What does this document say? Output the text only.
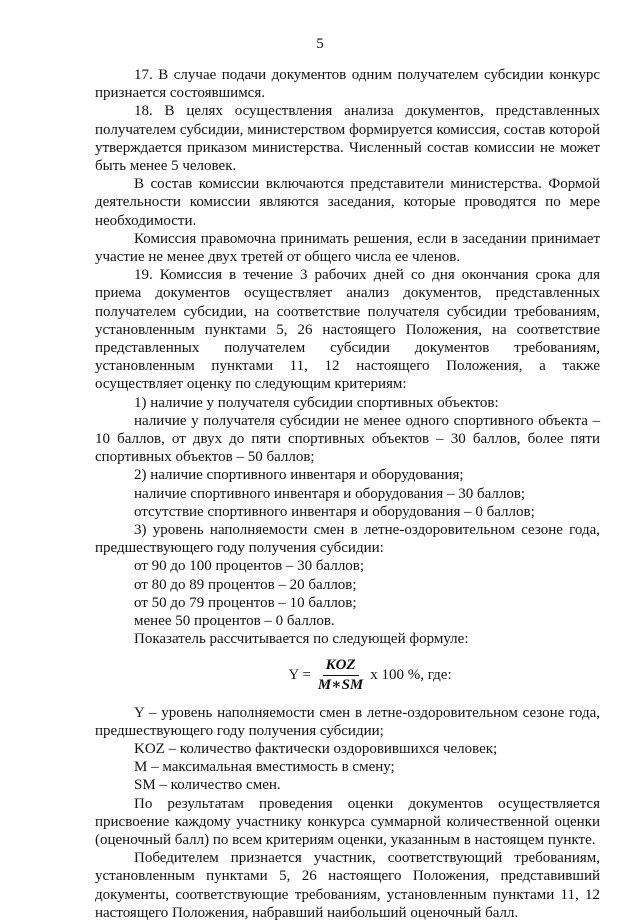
5

17. В случае подачи документов одним получателем субсидии конкурс признается состоявшимся.

18. В целях осуществления анализа документов, представленных получателем субсидии, министерством формируется комиссия, состав которой утверждается приказом министерства. Численный состав комиссии не может быть менее 5 человек.

В состав комиссии включаются представители министерства. Формой деятельности комиссии являются заседания, которые проводятся по мере необходимости.

Комиссия правомочна принимать решения, если в заседании принимает участие не менее двух третей от общего числа ее членов.

19. Комиссия в течение 3 рабочих дней со дня окончания срока для приема документов осуществляет анализ документов, представленных получателем субсидии, на соответствие получателя субсидии требованиям, установленным пунктами 5, 26 настоящего Положения, на соответствие представленных получателем субсидии документов требованиям, установленным пунктами 11, 12 настоящего Положения, а также осуществляет оценку по следующим критериям:

1) наличие у получателя субсидии спортивных объектов:

наличие у получателя субсидии не менее одного спортивного объекта – 10 баллов, от двух до пяти спортивных объектов – 30 баллов, более пяти спортивных объектов – 50 баллов;

2) наличие спортивного инвентаря и оборудования;

наличие спортивного инвентаря и оборудования – 30 баллов;

отсутствие спортивного инвентаря и оборудования – 0 баллов;

3) уровень наполняемости смен в летне-оздоровительном сезоне года, предшествующего году получения субсидии:

от 90 до 100 процентов – 30 баллов;

от 80 до 89 процентов – 20 баллов;

от 50 до 79 процентов – 10 баллов;

менее 50 процентов – 0 баллов.

Показатель рассчитывается по следующей формуле:

$Y = \frac{\text{KOZ}}{M∗SM}$ x 100 %, где:

Y – уровень наполняемости смен в летне-оздоровительном сезоне года, предшествующего году получения субсидии;

KOZ – количество фактически оздоровившихся человек;

М – максимальная вместимость в смену;

SM – количество смен.

По результатам проведения оценки документов осуществляется присвоение каждому участнику конкурса суммарной количественной оценки (оценочный балл) по всем критериям оценки, указанным в настоящем пункте.

Победителем признается участник, соответствующий требованиям, установленным пунктами 5, 26 настоящего Положения, представивший документы, соответствующие требованиям, установленным пунктами 11, 12 настоящего Положения, набравший наибольший оценочный балл.
